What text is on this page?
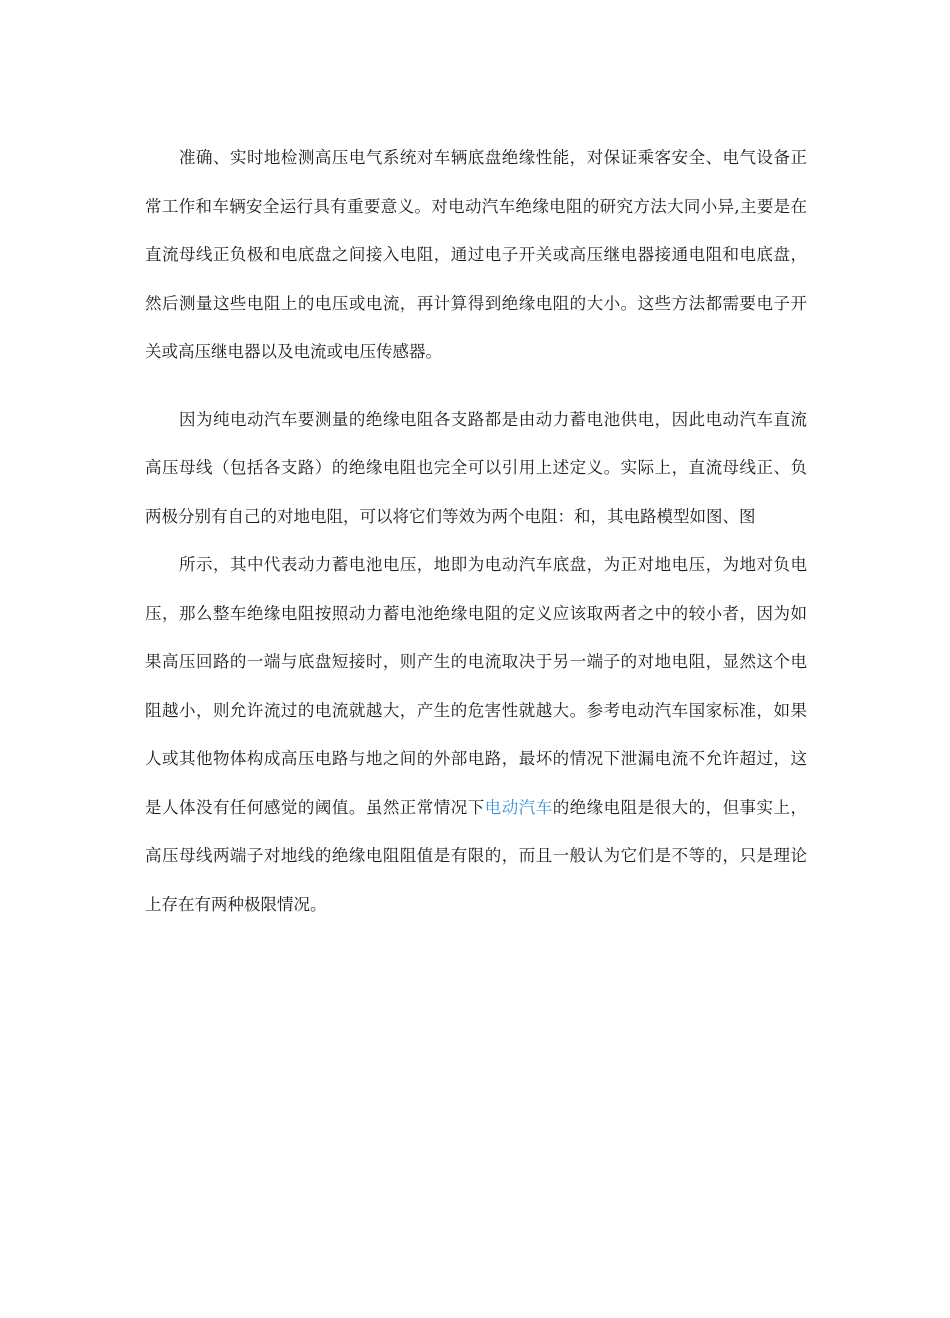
准确、实时地检测高压电气系统对车辆底盘绝缘性能，对保证乘客安全、电气设备正
常工作和车辆安全运行具有重要意义。对电动汽车绝缘电阻的研究方法大同小异,主要是在
直流母线正负极和电底盘之间接入电阻，通过电子开关或高压继电器接通电阻和电底盘，
然后测量这些电阻上的电压或电流，再计算得到绝缘电阻的大小。这些方法都需要电子开
关或高压继电器以及电流或电压传感器。
因为纯电动汽车要测量的绝缘电阻各支路都是由动力蓄电池供电，因此电动汽车直流
高压母线（包括各支路）的绝缘电阻也完全可以引用上述定义。实际上，直流母线正、负
两极分别有自己的对地电阻，可以将它们等效为两个电阻：和，其电路模型如图、图
所示，其中代表动力蓄电池电压，地即为电动汽车底盘，为正对地电压，为地对负电
压，那么整车绝缘电阻按照动力蓄电池绝缘电阻的定义应该取两者之中的较小者，因为如
果高压回路的一端与底盘短接时，则产生的电流取决于另一端子的对地电阻，显然这个电
阻越小，则允许流过的电流就越大，产生的危害性就越大。参考电动汽车国家标准，如果
人或其他物体构成高压电路与地之间的外部电路，最坏的情况下泄漏电流不允许超过，这
是人体没有任何感觉的阈值。虽然正常情况下电动汽车的绝缘电阻是很大的，但事实上，
高压母线两端子对地线的绝缘电阻阻值是有限的，而且一般认为它们是不等的，只是理论
上存在有两种极限情况。
